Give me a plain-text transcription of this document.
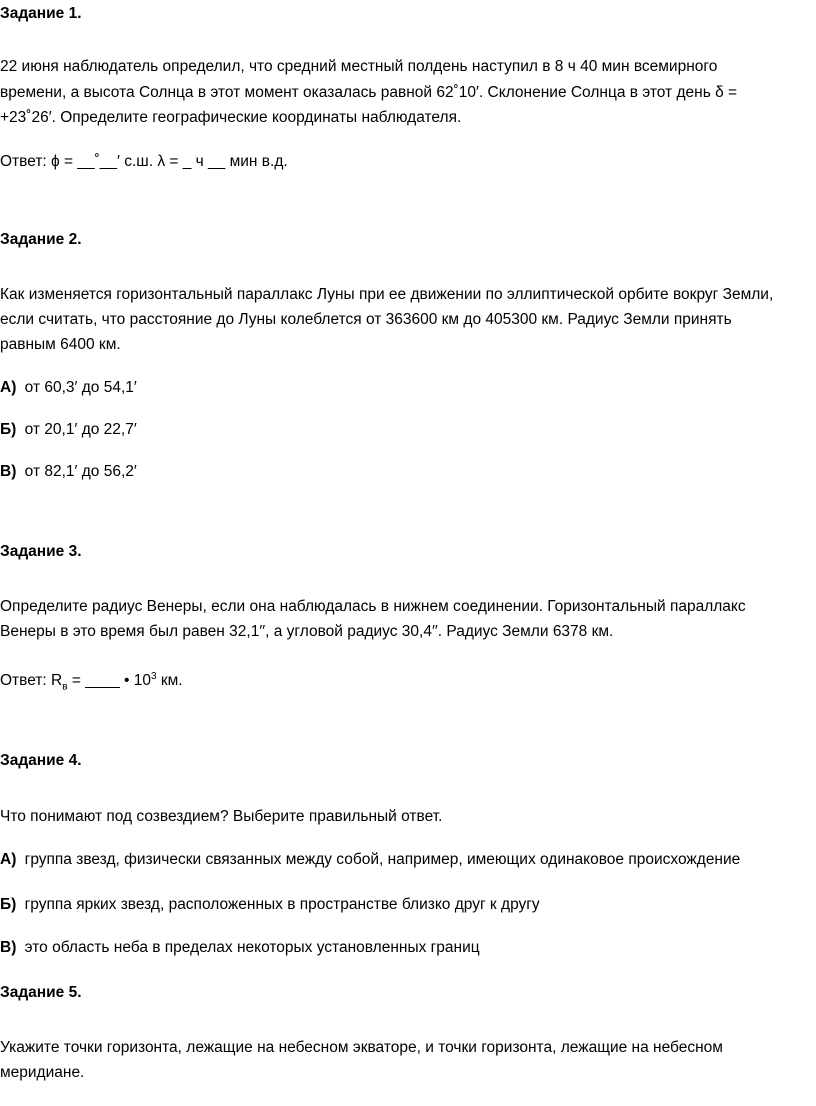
Задание 1.
22 июня наблюдатель определил, что средний местный полдень наступил в 8 ч 40 мин всемирного
времени, а высота Солнца в этот момент оказалась равной 62˚10′. Склонение Солнца в этот день δ =
+23˚26′. Определите географические координаты наблюдателя.
Ответ: ϕ = __˚__′ с.ш. λ = _ ч __ мин в.д.
Задание 2.
Как изменяется горизонтальный параллакс Луны при ее движении по эллиптической орбите вокруг Земли,
если считать, что расстояние до Луны колеблется от 363600 км до 405300 км. Радиус Земли принять
равным 6400 км.
А) от 60,3′ до 54,1′
Б) от 20,1′ до 22,7′
В) от 82,1′ до 56,2′
Задание 3.
Определите радиус Венеры, если она наблюдалась в нижнем соединении. Горизонтальный параллакс
Венеры в это время был равен 32,1′′, а угловой радиус 30,4′′. Радиус Земли 6378 км.
Ответ: $R_в$ = ____ • $10^3$ км.
Задание 4.
Что понимают под созвездием? Выберите правильный ответ.
А) группа звезд, физически связанных между собой, например, имеющих одинаковое происхождение
Б) группа ярких звезд, расположенных в пространстве близко друг к другу
В) это область неба в пределах некоторых установленных границ
Задание 5.
Укажите точки горизонта, лежащие на небесном экваторе, и точки горизонта, лежащие на небесном
меридиане.
